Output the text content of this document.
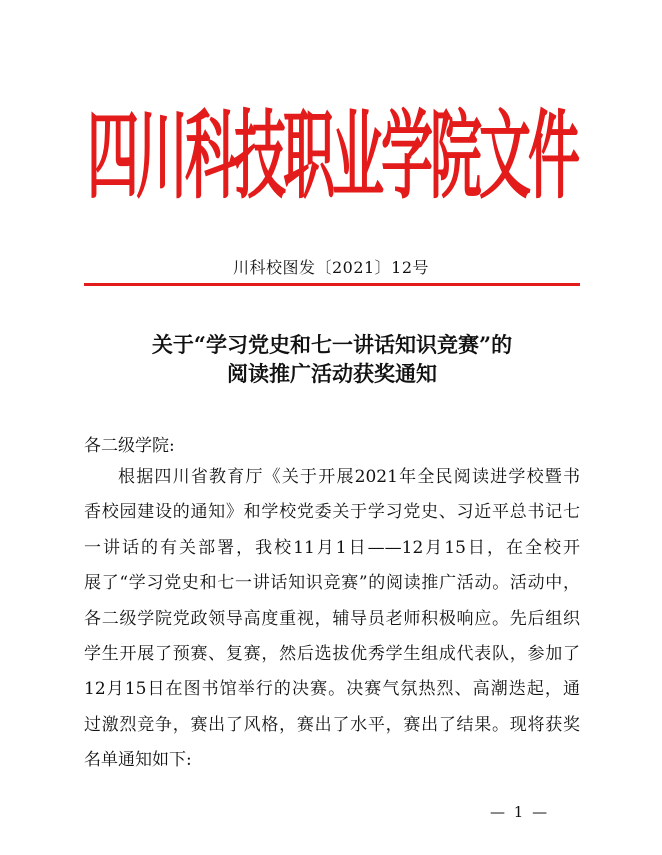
四川科技职业学院文件
川科校图发〔2021〕12号
关于“学习党史和七一讲话知识竞赛”的
阅读推广活动获奖通知
各二级学院:
根据四川省教育厅《关于开展2021年全民阅读进学校暨书
香校园建设的通知》和学校党委关于学习党史、习近平总书记七
一讲话的有关部署，我校11月1日——12月15日，在全校开
展了“学习党史和七一讲话知识竞赛”的阅读推广活动。活动中，
各二级学院党政领导高度重视，辅导员老师积极响应。先后组织
学生开展了预赛、复赛，然后选拔优秀学生组成代表队，参加了
12月15日在图书馆举行的决赛。决赛气氛热烈、高潮迭起，通
过激烈竞争，赛出了风格，赛出了水平，赛出了结果。现将获奖
名单通知如下:
— 1 —
